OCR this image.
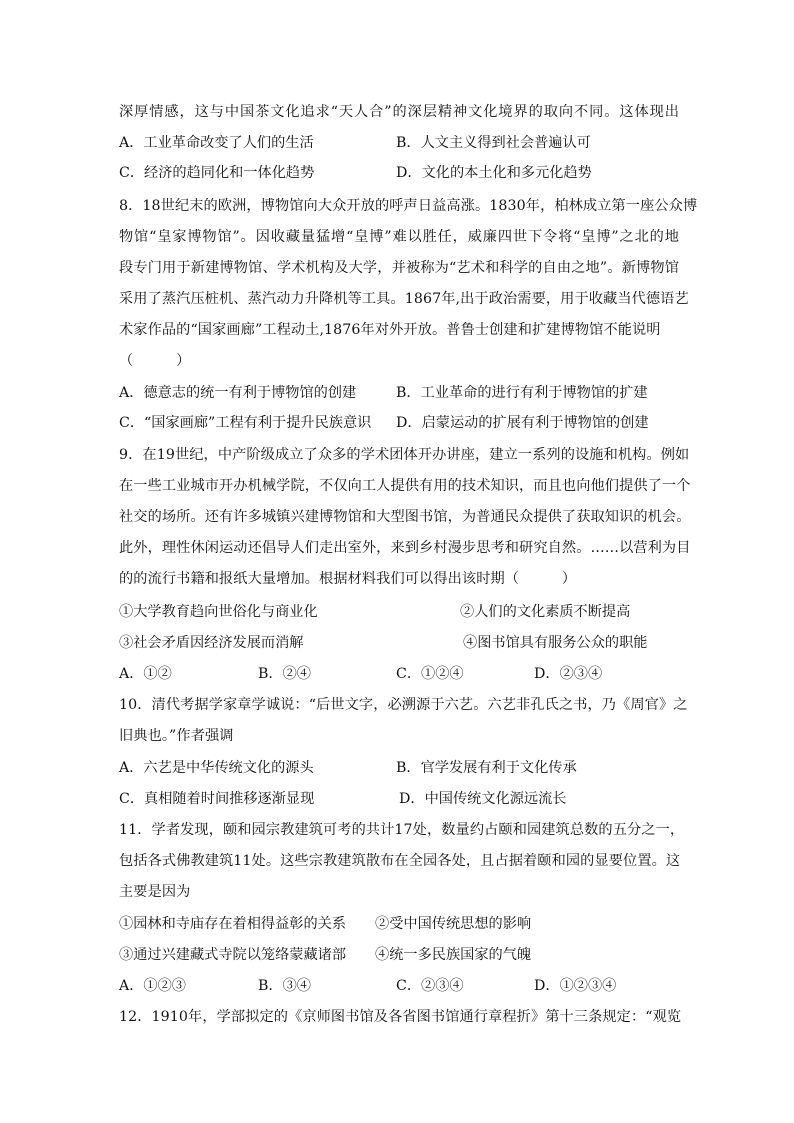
深厚情感，这与中国茶文化追求“天人合”的深层精神文化境界的取向不同。这体现出
A．工业革命改变了人们的生活	B．人文主义得到社会普遍认可
C．经济的趋同化和一体化趋势	D．文化的本土化和多元化趋势
8．18世纪末的欧洲，博物馆向大众开放的呼声日益高涨。1830年，柏林成立第一座公众博
物馆“皇家博物馆”。因收藏量猛增“皇博”难以胜任，威廉四世下令将“皇博”之北的地
段专门用于新建博物馆、学术机构及大学，并被称为“艺术和科学的自由之地”。新博物馆
采用了蒸汽压桩机、蒸汽动力升降机等工具。1867年,出于政治需要，用于收藏当代德语艺
术家作品的“国家画廊”工程动土,1876年对外开放。普鲁士创建和扩建博物馆不能说明
（　　　）
A．德意志的统一有利于博物馆的创建	B．工业革命的进行有利于博物馆的扩建
C．“国家画廊”工程有利于提升民族意识 D．启蒙运动的扩展有利于博物馆的创建
9．在19世纪，中产阶级成立了众多的学术团体开办讲座，建立一系列的设施和机构。例如
在一些工业城市开办机械学院，不仅向工人提供有用的技术知识，而且也向他们提供了一个
社交的场所。还有许多城镇兴建博物馆和大型图书馆，为普通民众提供了获取知识的机会。
此外，理性休闲运动还倡导人们走出室外，来到乡村漫步思考和研究自然。……以营利为目
的的流行书籍和报纸大量增加。根据材料我们可以得出该时期（　　　）
①大学教育趋向世俗化与商业化	②人们的文化素质不断提高
③社会矛盾因经济发展而消解	④图书馆具有服务公众的职能
A．①②	B．②④	C．①②④	D．②③④
10．清代考据学家章学诚说：“后世文字，必溯源于六艺。六艺非孔氏之书，乃《周官》之
旧典也。”作者强调
A．六艺是中华传统文化的源头	B．官学发展有利于文化传承
C．真相随着时间推移逐渐显现	D．中国传统文化源远流长
11．学者发现，颐和园宗教建筑可考的共计17处，数量约占颐和园建筑总数的五分之一，
包括各式佛教建筑11处。这些宗教建筑散布在全园各处，且占据着颐和园的显要位置。这
主要是因为
①园林和寺庙存在着相得益彰的关系 ②受中国传统思想的影响
③通过兴建藏式寺院以笼络蒙藏诸部 ④统一多民族国家的气魄
A．①②③	B．③④	C．②③④	D．①②③④
12．1910年，学部拟定的《京师图书馆及各省图书馆通行章程折》第十三条规定：“观览
